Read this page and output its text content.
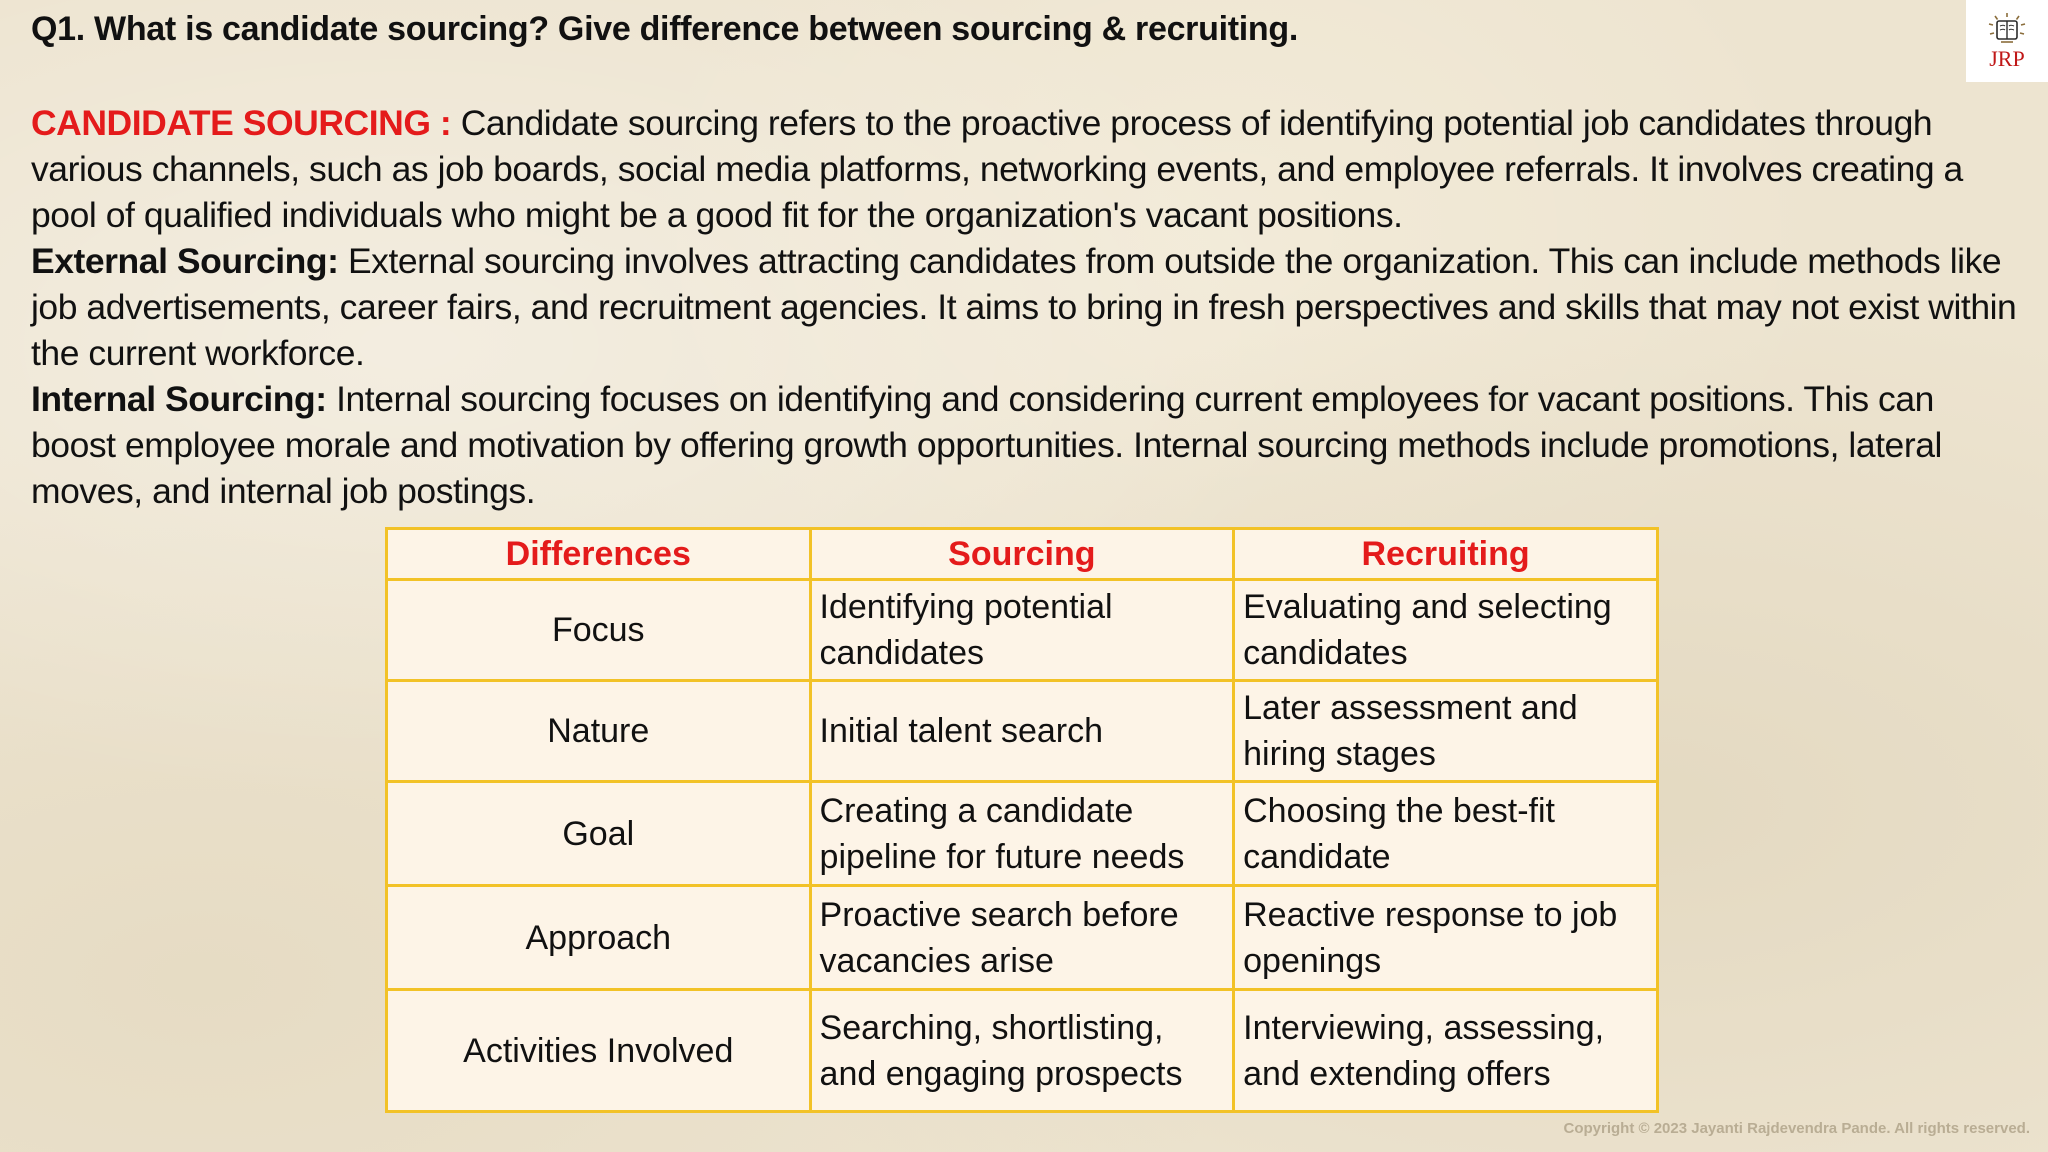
Q1. What is candidate sourcing? Give difference between sourcing & recruiting.
JRP

CANDIDATE SOURCING : Candidate sourcing refers to the proactive process of identifying potential job candidates through various channels, such as job boards, social media platforms, networking events, and employee referrals. It involves creating a pool of qualified individuals who might be a good fit for the organization's vacant positions.

External Sourcing: External sourcing involves attracting candidates from outside the organization. This can include methods like job advertisements, career fairs, and recruitment agencies. It aims to bring in fresh perspectives and skills that may not exist within the current workforce.

Internal Sourcing: Internal sourcing focuses on identifying and considering current employees for vacant positions. This can boost employee morale and motivation by offering growth opportunities. Internal sourcing methods include promotions, lateral moves, and internal job postings.

Differences	Sourcing	Recruiting
Focus	Identifying potential candidates	Evaluating and selecting candidates
Nature	Initial talent search	Later assessment and hiring stages
Goal	Creating a candidate pipeline for future needs	Choosing the best-fit candidate
Approach	Proactive search before vacancies arise	Reactive response to job openings
Activities Involved	Searching, shortlisting, and engaging prospects	Interviewing, assessing, and extending offers
Copyright © 2023 Jayanti Rajdevendra Pande. All rights reserved.
